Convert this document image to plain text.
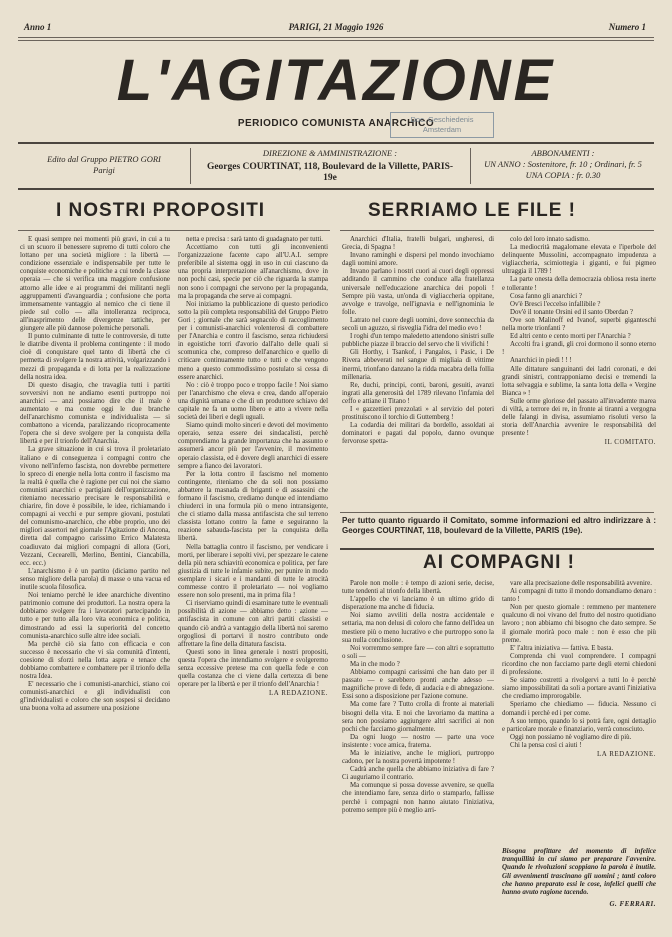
Anno 1	PARIGI, 21 Maggio 1926	Numero 1
L'AGITAZIONE
PERIODICO COMUNISTA ANARCHICO
Doc. Geschiedenis
Amsterdam
Edito dal Gruppo PIETRO GORI
Parigi
DIREZIONE & AMMINISTRAZIONE :
Georges COURTINAT, 118, Boulevard de la Villette, PARIS-19e
ABBONAMENTI :
UN ANNO : Sostenitore, fr. 10 ; Ordinari, fr. 5
UNA COPIA : fr. 0.30
I NOSTRI PROPOSITI

E quasi sempre nei momenti più gravi, in cui a tu ci un scuoro il benessere supremo di tutti coloro che lottano per una società migliore : la libertà — condizione essenziale e indispensabile per tutte le conquiste economiche e politiche a cui tende la classe operaia — che si verifica una maggiore confusione attorno alle idee e ai programmi dei militanti negli aggruppamenti d'avanguardia ; confusione che porta immensamente vantaggio al nemico che ci tiene il piede sul collo — alla intolleranza reciproca, all'inasprimento delle divergenze tattiche, per giungere alle più dannose polemiche personali.

Il punto culminante di tutte le controversie, di tutte le diatribe diventa il problema contingente : il modo cioè di conquistare quel tanto di libertà che ci permetta di svolgere la nostra attività, volgarizzando i mezzi di propaganda e di lotta per la realizzazione della nostra idea.

Di questo disagio, che travaglia tutti i partiti sovversivi non ne andiamo esenti purtroppo noi anarchici — anzi possiamo dire che il male è aumentato e ma come oggi le due branche dell'anarchismo comunista e individualista — si combattono a vicenda, paralizzando ricoprocamente l'opera che si deve svolgere per la conquista della libertà e per il trionfo dell'Anarchia.

La grave situazione in cui si trova il proletariato italiano e di conseguenza i compagni contro che vivono nell'inferno fascista, non dovrebbe permettere lo spreco di energie nella lotta contro il fascismo ma la realtà è quella che è ragione per cui noi che siamo comunisti anarchici e partigiani dell'organizzazione, riteniamo necessario precisare le responsabilità e chiarire, fin dove è possibile, le idee, richiamando i compagni ai vecchi e pur sempre giovani, postulati del comunismo-anarchico, che ebbe proprio, uno dei migliori assertori nel giornale l'Agitazione di Ancona, diretta dal compagno carissimo Errico Malatesta coadiuvato dai migliori compagni di allora (Gori, Vezzani, Cecearelli, Merlino, Bentini, Ciancabilla, ecc. ecc.)

L'anarchismo è è un partito (diciamo partito nel senso migliore della parola) di masse o una vacua ed inutile scuola filosofica.

Noi teniamo perchè le idee anarchiche diventino patrimonio comune dei produttori. La nostra opera la dobbiamo svolgere fra i lavoratori partecipando in tutto e per tutto alla loro vita economica e politica, dimostrando ad essi la superiorità del concetto comunista-anarchico sulle altre idee sociali.

Ma perchè ciò sia fatto con efficacia e con successo è necessario che vi sia comunità d'intenti, coesione di sforzi nella lotta aspra e tenace che dobbiamo combattere e combattere per il trionfo della nostra Idea.

E' necessario che i comunisti-anarchici, stiano coi comunisti-anarchici e gli individualisti con gl'individualisti e coloro che son sospesi si decidano una buona volta ad assumere una posizione

netta e precisa : sarà tanto di guadagnato per tutti.

Accettiamo con tutti gli inconvenienti l'organizzazione facente capo all'U.A.I. sempre preferibile al sistema oggi in uso in cui ciascuno da una propria interpretazione all'anarchismo, dove in non pochi casi, specie per ciò che riguarda la stampa non sono i compagni che servono per la propaganda, ma la propaganda che serve ai compagni.

Noi iniziamo la pubblicazione di questo periodico sotto la più completa responsabilità del Gruppo Pietro Gori ; giornale che sarà segnacolo di raccoglimento per i comunisti-anarchici volenterosi di combattere per l'Anarchia e contro il fascismo, senza richiudersi in egoistiche torri d'avorio dall'alto delle quali si scomunica che, compreso dell'anarchico e quello di criticare continuamente tutto e tutti e che vengono meno a questo commodissimo postulato si cessa di essere anarchici.

No : ciò è troppo poco e troppo facile ! Noi siamo per l'anarchismo che eleva e crea, dando all'operaio una dignità umana e che di un produttore schiavo del capitale ne fa un uomo libero e atto a vivere nella società dei liberi e degli uguali.

Siamo quindi molto sinceri e devoti del movimento operaio, senza essere dei sindacalisti, perchè comprendiamo la grande importanza che ha assunto e assumerà ancor più per l'avvenire, il movimento operaio classista, ed è dovere degli anarchici di essere sempre a fianco dei lavoratori.

Per la lotta contro il fascismo nel momento contingente, riteniamo che da soli non possiamo abbattere la masnada di briganti e di assassini che formano il fascismo, crediamo dunque ed intendiamo chiuderci in una formula più o meno intransigente, che ci stiamo dalla massa antifascista che sul terreno classista lottano contro la fame e seguiranno la reazione sabauda-fascista per la conquista della libertà.

Nella battaglia contro il fascismo, per vendicare i morti, per liberare i sepolti vivi, per spezzare le catene della più nera schiavitù economica e politica, per fare giustizia di tutte le infamie subite, per punire in modo esemplare i sicari e i mandanti di tutte le atrocità commesse contro il proletariato — noi vogliamo essere non solo presenti, ma in prima fila !

Ci riserviamo quindi di esaminare tutte le eventuali possibilità di azione — abbiamo detto : azione — antifascista in comune con altri partiti classisti e quando ciò andrà a vantaggio della libertà noi saremo orgogliosi di portarvi il nostro contributo onde affrettare la fine della dittatura fascista.

Questi sono in linea generale i nostri propositi, questa l'opera che intendiamo svolgere e svolgeremo senza eccessive pretese ma con quella fede e con quella costanza che ci viene dalla certezza di bene operare per la libertà e per il trionfo dell'Anarchia !

LA REDAZIONE.
SERRIAMO LE FILE !

Anarchici d'Italia, fratelli bulgari, ungheresi, di Grecia, di Spagna !

Invano raminghi e dispersi pel mondo invochiamo dagli uomini amore.

Invano parlano i nostri cuori ai cuori degli oppressi additando il cammino che conduce alla fratellanza universale nell'educazione anarchica dei popoli ! Sempre più vasta, un'onda di vigliaccheria oppitane, avvolge e travolge, nell'ignavia e nell'ignominia le folle.

Latrato nel cuore degli uomini, dove sonnecchia da secoli un aguzzo, si risveglia l'idra del medio evo !

I roghi d'un tempo maledetto attendono sinistri sulle pubbliche piazze il braccio del servo che li vivifichi !

Gli Horthy, i Tsankof, i Pangalos, i Pasic, i De Rivera abbeverati nel sangue di migliaia di vittime inermi, trionfano danzano la ridda macabra della follia millenaria.

Re, duchi, principi, conti, baroni, gesuiti, avanzi ingrati alla generosità del 1789 rilevano l'infamia del ceffo e attiane il Titano !

I « gazzettieri prezzolati » al servizio del poteri prostituiscono il torchio di Guttemberg !

La codardia dei militari da bordello, assoldati ai dominatori e pagati dal popolo, danno ovunque fervorose spetta-

colo del loro innato sadismo.

La mediocrità magalomane elevata e l'iperbole del delinquente Mussolini, accompagnato impudenza a vigliaccheria, scimiottegia i giganti, e fui pigmeo ultraggia il 1789 !

La parte onesta della democrazia obliosa resta inerte e tollerante !

Cosa fanno gli anarchici ?

Ov'è Bresci l'eccelso infallibile ?

Dov'è il tonante Orsini ed il santo Oberdan ?

Ove son Malinoff ed Ivanof, superbi giganteschi nella morte trionfanti ?

Ed altri cento e cento morti per l'Anarchia ?

Accolti fra i grandi, gli croi dormono il sonno eterno !

Anarchici in piedi ! ! !

Alle dittature sanguinanti dei ladri coronati, e dei grandi sinistri, contrapponiamo decisi e tremendi la lotta selvaggia e sublime, la santa lotta della « Vergine Bianca » !

Sulle orme gloriose del passato all'invademte marea di viltà, a terrore dei re, in fronte ai tiranni a vergogna delle falangi in divisa, assumiamo risoluti verso la storia dell'Anarchia avvenire le responsabilità del presente !

IL COMITATO.
Per tutto quanto riguardo il Comitato, somme informazioni ed altro indirizzare à : Georges COURTINAT, 118, boulevard de la Villette, PARIS (19e).
AI COMPAGNI !

Parole non molle : è tempo di azioni serie, decise, tutte tendenti al trionfo della libertà.

L'appello che vi lanciamo è un ultimo grido di disperazione ma anche di fiducia.

Noi siamo avviliti della nostra accidentale e settaria, ma non delusi di coloro che fanno dell'idea un mestiere più o meno lucrativo e che purtroppo sono la sua nulla conclusione.

Noi vorremmo sempre fare — con altri e soprattutto o soli —

Ma in che modo ?

Abbiamo compagni carissimi che han dato per il passato — e sarebbero pronti anche adesso — magnifiche prove di fede, di audacia e di abnegazione. Essi sono a disposizione per l'azione comune.

Ma come fare ? Tutto crolla di fronte ai materiali bisogni della vita. E noi che lavoriamo da mattina a sera non possiamo aggiungere altri sacrifici ai non pochi che facciamo giornalmente.

Da ogni luogo — nostro — parte una voce insistente : voce amica, fraterna.

Ma le iniziative, anche le migliori, purtroppo cadono, per la nostra povertà impotente !

Cadrà anche quella che abbiamo iniziativa di fare ? Ci auguriamo il contrario.

Ma comunque si possa dovesse avvenire, se quella che intendiamo fare, senza dirlo o stamparlo, fallisse perchè i compagni non hanno aiutato l'iniziativa, potremo sempre più è meglio arri-

vare alla precisazione delle responsabilità avvenire.

Ai compagni di tutto il mondo domandiamo denaro : tanto !

Non per questo giornale : remmeno per mantenere qualcuno di noi vivano del frutto del nostro quotidiano lavoro ; non abbiamo chi bisogno che dato sempre. Se il giornale morirà poco male : non è esso che più preme.

E' l'altra iniziativa — fattiva. E basta.

Comprenda chi vuol comprendere. I compagni ricordino che non facciamo parte degli eterni chiedoni di professione.

Se siamo costretti a rivolgervi a tutti lo è perchè siamo impossibilitati da soli a portare avanti l'iniziativa che crediamo improrogabile.

Speriamo che chiediamo — fiducia. Nessuno ci domandi i perchè ed i per come.

A suo tempo, quando lo si potrà fare, ogni dettaglio e particolare morale e finanziario, verrà conosciuto.

Oggi non possiamo nè vogliamo dire di più.

Chi la pensa così ci aiuti !

LA REDAZIONE.
Bisogna profittare del momento di infelice tranquillità in cui siamo per preparare l'avvenire. Quando le rivoluzioni scoppiano la parola è inutile. Gli avvenimenti trascinano gli uomini ; tanti coloro che hanno preparato essi le cose, infelici quelli che hanno avuto ragione tacendo.
G. FERRARI.
